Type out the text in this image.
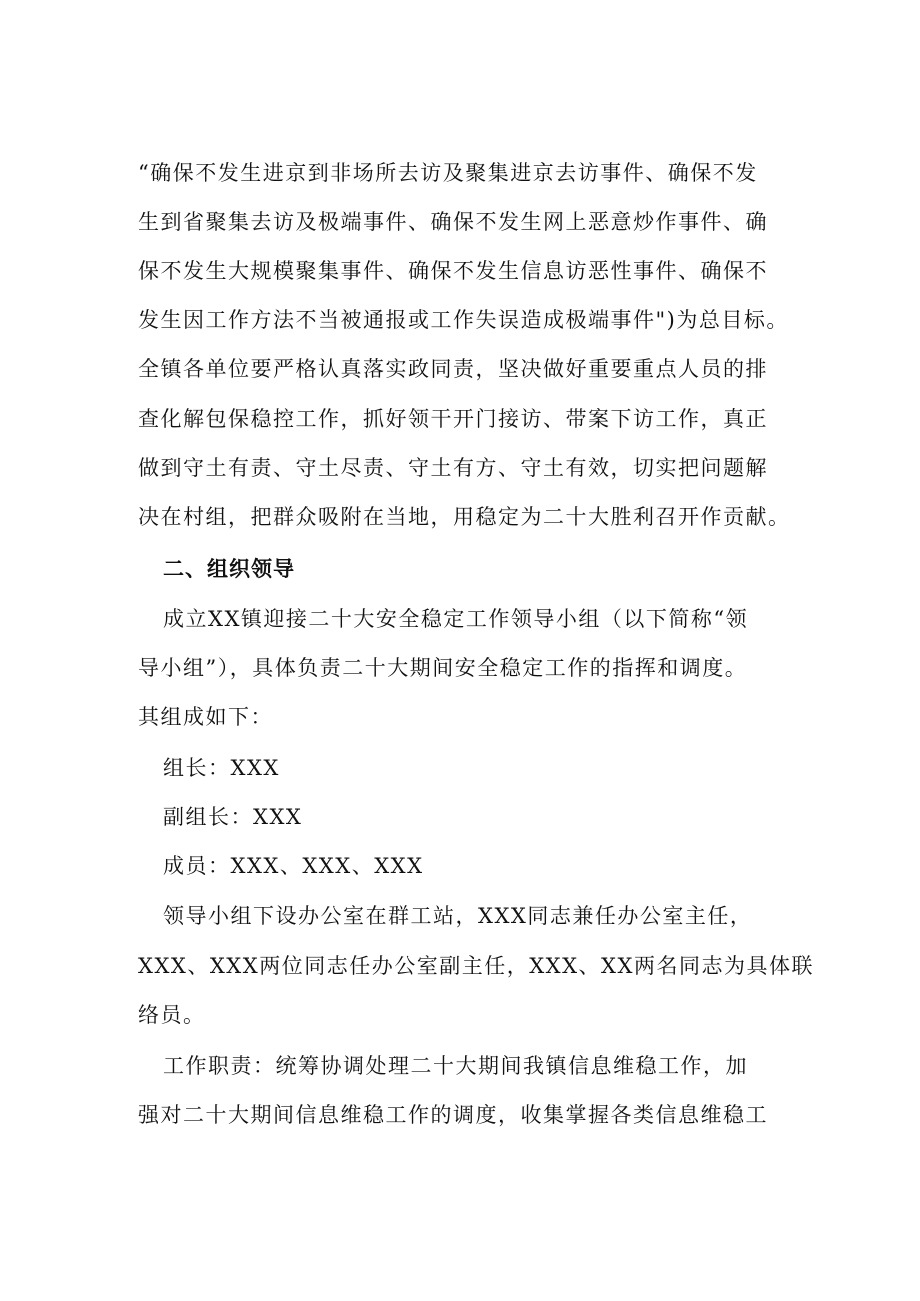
“确保不发生进京到非场所去访及聚集进京去访事件、确保不发
生到省聚集去访及极端事件、确保不发生网上恶意炒作事件、确
保不发生大规模聚集事件、确保不发生信息访恶性事件、确保不
发生因工作方法不当被通报或工作失误造成极端事件")为总目标。
全镇各单位要严格认真落实政同责，坚决做好重要重点人员的排
查化解包保稳控工作，抓好领干开门接访、带案下访工作，真正
做到守土有责、守土尽责、守土有方、守土有效，切实把问题解
决在村组，把群众吸附在当地，用稳定为二十大胜利召开作贡献。
二、组织领导
成立XX镇迎接二十大安全稳定工作领导小组（以下简称“领
导小组”），具体负责二十大期间安全稳定工作的指挥和调度。
其组成如下：
组长：XXX
副组长：XXX
成员：XXX、XXX、XXX
领导小组下设办公室在群工站，XXX同志兼任办公室主任，
XXX、XXX两位同志任办公室副主任，XXX、XX两名同志为具体联
络员。
工作职责：统筹协调处理二十大期间我镇信息维稳工作，加
强对二十大期间信息维稳工作的调度，收集掌握各类信息维稳工
